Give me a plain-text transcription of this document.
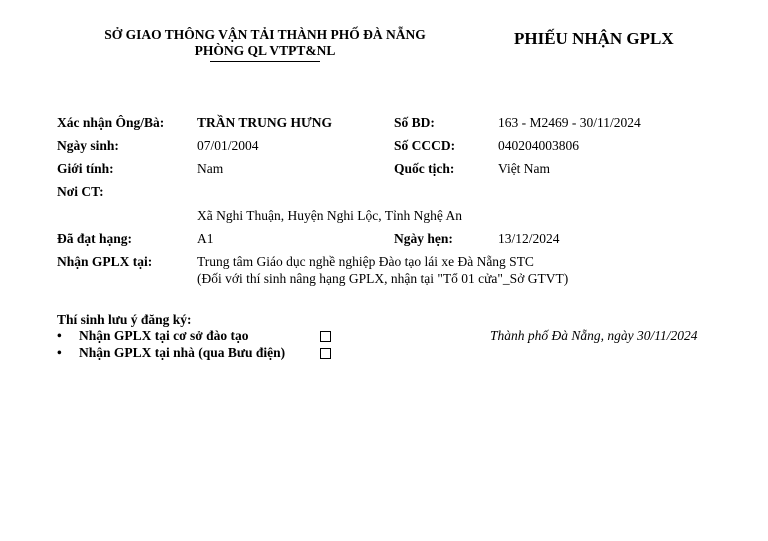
SỞ GIAO THÔNG VẬN TẢI THÀNH PHỐ ĐÀ NẴNG
PHÒNG QL VTPT&NL
PHIẾU NHẬN GPLX
Xác nhận Ông/Bà: TRẦN TRUNG HƯNG	Số BD:	163 - M2469 - 30/11/2024
Ngày sinh:	07/01/2004	Số CCCD:	040204003806
Giới tính:	Nam	Quốc tịch:	Việt Nam
Nơi CT:
Xã Nghi Thuận, Huyện Nghi Lộc, Tỉnh Nghệ An
Đã đạt hạng:	A1	Ngày hẹn:	13/12/2024
Nhận GPLX tại:	Trung tâm Giáo dục nghề nghiệp Đào tạo lái xe Đà Nẵng STC
(Đối với thí sinh nâng hạng GPLX, nhận tại "Tổ 01 cửa"_Sở GTVT)
Thí sinh lưu ý đăng ký:
•	Nhận GPLX tại cơ sở đào tạo
•	Nhận GPLX tại nhà (qua Bưu điện)
Thành phố Đà Nẵng, ngày 30/11/2024
